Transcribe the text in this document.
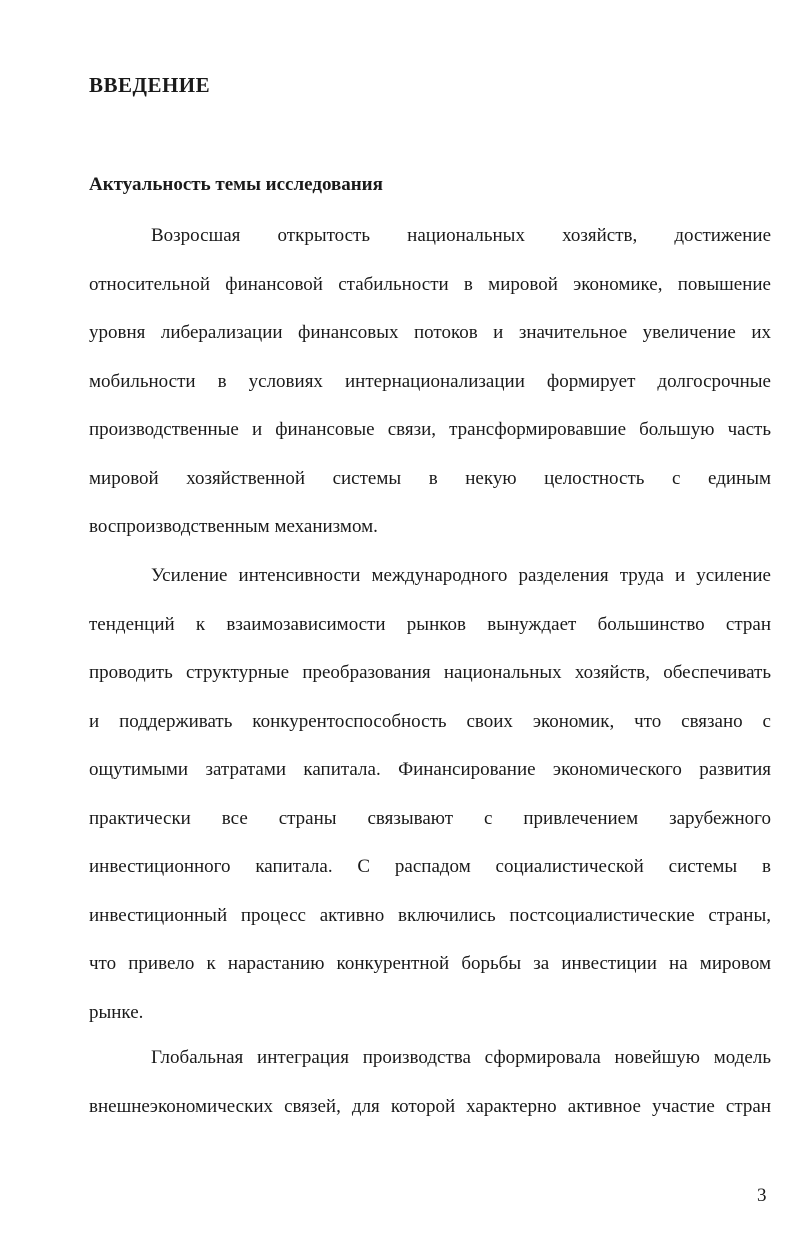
ВВЕДЕНИЕ
Актуальность темы исследования
Возросшая открытость национальных хозяйств, достижение
относительной финансовой стабильности в мировой экономике, повышение
уровня либерализации финансовых потоков и значительное увеличение их
мобильности в условиях интернационализации формирует долгосрочные
производственные и финансовые связи, трансформировавшие большую часть
мировой хозяйственной системы в некую целостность с единым
воспроизводственным механизмом.
Усиление интенсивности международного разделения труда и усиление
тенденций к взаимозависимости рынков вынуждает большинство стран
проводить структурные преобразования национальных хозяйств, обеспечивать
и поддерживать конкурентоспособность своих экономик, что связано с
ощутимыми затратами капитала. Финансирование экономического развития
практически все страны связывают с привлечением зарубежного
инвестиционного капитала. С распадом социалистической системы в
инвестиционный процесс активно включились постсоциалистические страны,
что привело к нарастанию конкурентной борьбы за инвестиции на мировом
рынке.
Глобальная интеграция производства сформировала новейшую модель
внешнеэкономических связей, для которой характерно активное участие стран
3
